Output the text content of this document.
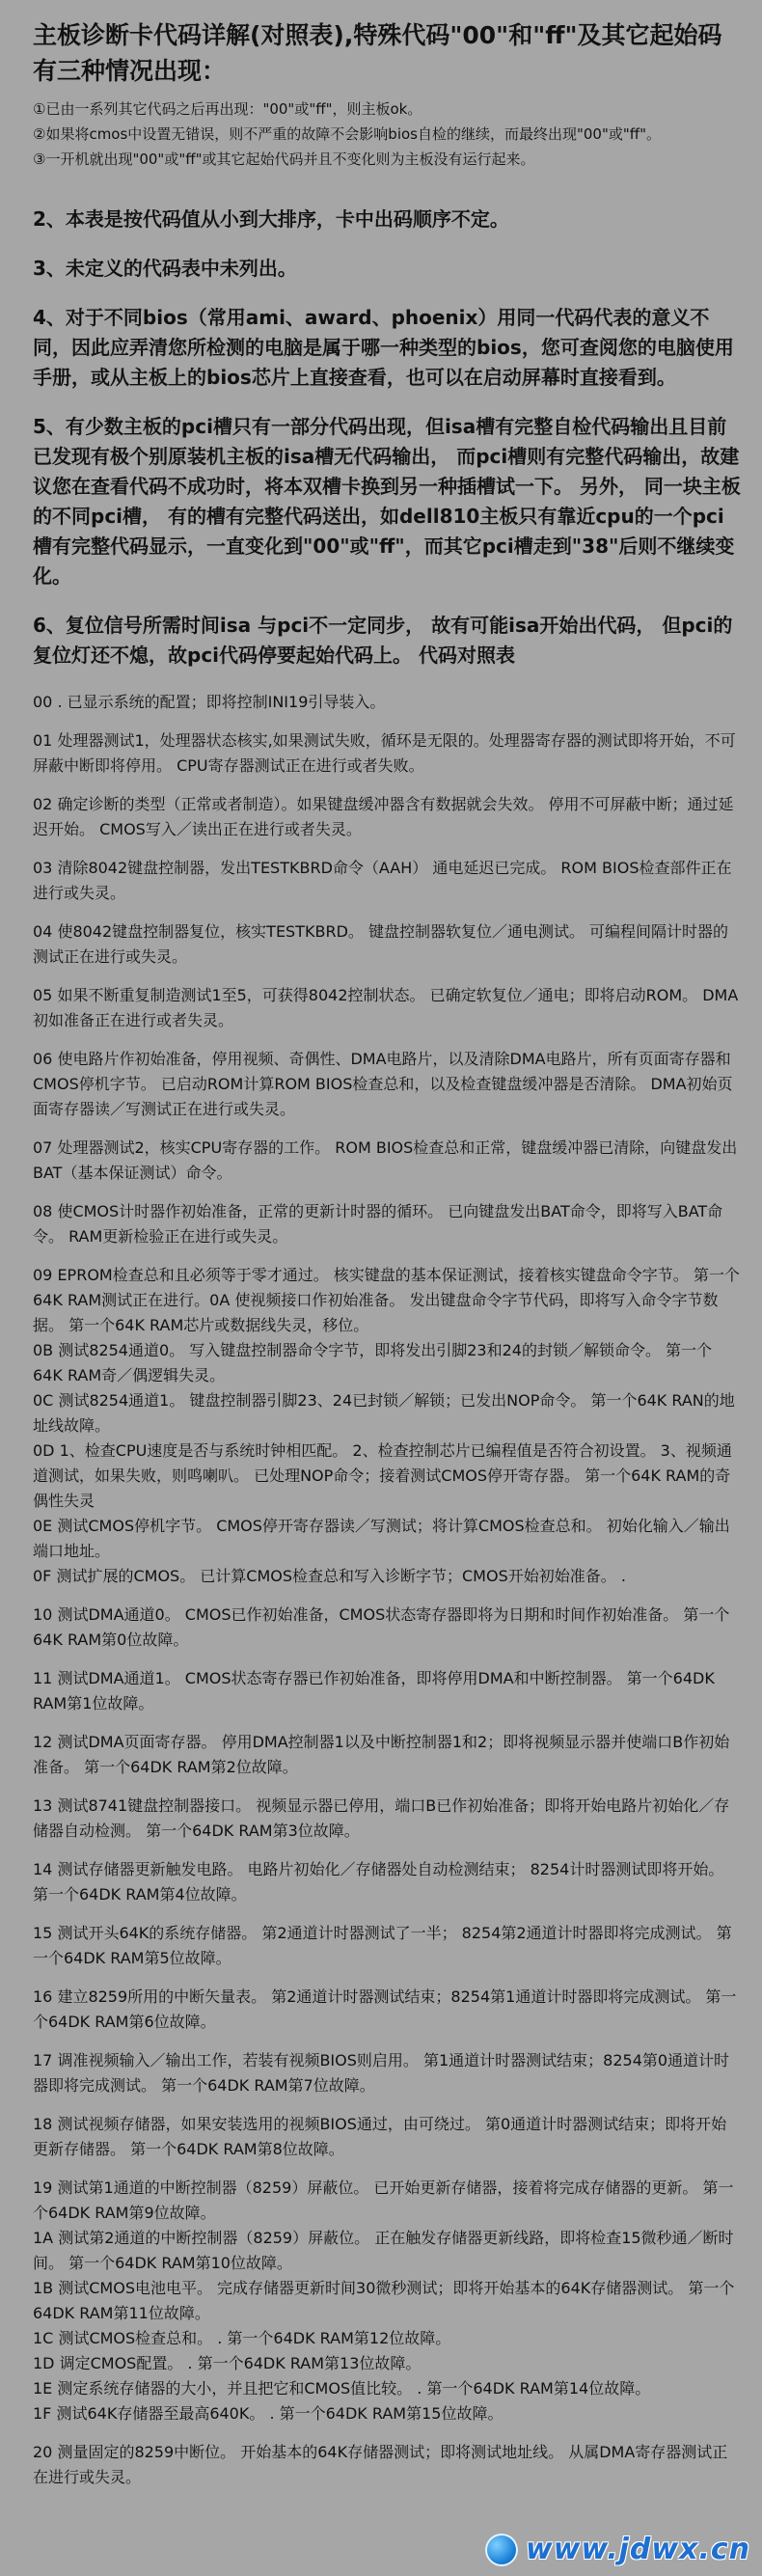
主板诊断卡代码详解(对照表),特殊代码"00"和"ff"及其它起始码有三种情况出现：

①已由一系列其它代码之后再出现："00"或"ff"，则主板ok。

②如果将cmos中设置无错误，则不严重的故障不会影响bios自检的继续，而最终出现"00"或"ff"。

③一开机就出现"00"或"ff"或其它起始代码并且不变化则为主板没有运行起来。

2、本表是按代码值从小到大排序，卡中出码顺序不定。

3、未定义的代码表中未列出。

4、对于不同bios（常用ami、award、phoenix）用同一代码代表的意义不同，因此应弄清您所检测的电脑是属于哪一种类型的bios，您可查阅您的电脑使用手册，或从主板上的bios芯片上直接查看，也可以在启动屏幕时直接看到。

5、有少数主板的pci槽只有一部分代码出现，但isa槽有完整自检代码输出且目前已发现有极个别原装机主板的isa槽无代码输出， 而pci槽则有完整代码输出，故建议您在查看代码不成功时，将本双槽卡换到另一种插槽试一下。 另外， 同一块主板的不同pci槽， 有的槽有完整代码送出，如dell810主板只有靠近cpu的一个pci槽有完整代码显示，一直变化到"00"或"ff"，而其它pci槽走到"38"后则不继续变化。

6、复位信号所需时间isa 与pci不一定同步， 故有可能isa开始出代码， 但pci的复位灯还不熄，故pci代码停要起始代码上。 代码对照表

00 . 已显示系统的配置；即将控制INI19引导装入。

01 处理器测试1，处理器状态核实,如果测试失败，循环是无限的。处理器寄存器的测试即将开始，不可屏蔽中断即将停用。 CPU寄存器测试正在进行或者失败。

02 确定诊断的类型（正常或者制造）。如果键盘缓冲器含有数据就会失效。 停用不可屏蔽中断；通过延迟开始。 CMOS写入／读出正在进行或者失灵。

03 清除8042键盘控制器，发出TESTKBRD命令（AAH） 通电延迟已完成。 ROM BIOS检查部件正在进行或失灵。

04 使8042键盘控制器复位，核实TESTKBRD。 键盘控制器软复位／通电测试。 可编程间隔计时器的测试正在进行或失灵。

05 如果不断重复制造测试1至5，可获得8042控制状态。 已确定软复位／通电；即将启动ROM。 DMA初如准备正在进行或者失灵。

06 使电路片作初始准备，停用视频、奇偶性、DMA电路片，以及清除DMA电路片，所有页面寄存器和CMOS停机字节。 已启动ROM计算ROM BIOS检查总和，以及检查键盘缓冲器是否清除。 DMA初始页面寄存器读／写测试正在进行或失灵。

07 处理器测试2，核实CPU寄存器的工作。 ROM BIOS检查总和正常，键盘缓冲器已清除，向键盘发出BAT（基本保证测试）命令。

08 使CMOS计时器作初始准备，正常的更新计时器的循环。 已向键盘发出BAT命令，即将写入BAT命令。 RAM更新检验正在进行或失灵。

09 EPROM检查总和且必须等于零才通过。 核实键盘的基本保证测试，接着核实键盘命令字节。 第一个64K RAM测试正在进行。0A 使视频接口作初始准备。 发出键盘命令字节代码，即将写入命令字节数据。 第一个64K RAM芯片或数据线失灵，移位。

0B 测试8254通道0。 写入键盘控制器命令字节，即将发出引脚23和24的封锁／解锁命令。 第一个64K RAM奇／偶逻辑失灵。

0C 测试8254通道1。 键盘控制器引脚23、24已封锁／解锁；已发出NOP命令。 第一个64K RAN的地址线故障。

0D 1、检查CPU速度是否与系统时钟相匹配。 2、检查控制芯片已编程值是否符合初设置。 3、视频通道测试，如果失败，则鸣喇叭。 已处理NOP命令；接着测试CMOS停开寄存器。 第一个64K RAM的奇偶性失灵

0E 测试CMOS停机字节。 CMOS停开寄存器读／写测试；将计算CMOS检查总和。 初始化输入／输出端口地址。

0F 测试扩展的CMOS。 已计算CMOS检查总和写入诊断字节；CMOS开始初始准备。 .

10 测试DMA通道0。 CMOS已作初始准备，CMOS状态寄存器即将为日期和时间作初始准备。 第一个64K RAM第0位故障。

11 测试DMA通道1。 CMOS状态寄存器已作初始准备，即将停用DMA和中断控制器。 第一个64DK RAM第1位故障。

12 测试DMA页面寄存器。 停用DMA控制器1以及中断控制器1和2；即将视频显示器并使端口B作初始准备。 第一个64DK RAM第2位故障。

13 测试8741键盘控制器接口。 视频显示器已停用，端口B已作初始准备；即将开始电路片初始化／存储器自动检测。 第一个64DK RAM第3位故障。

14 测试存储器更新触发电路。 电路片初始化／存储器处自动检测结束； 8254计时器测试即将开始。 第一个64DK RAM第4位故障。

15 测试开头64K的系统存储器。 第2通道计时器测试了一半； 8254第2通道计时器即将完成测试。 第一个64DK RAM第5位故障。

16 建立8259所用的中断矢量表。 第2通道计时器测试结束；8254第1通道计时器即将完成测试。 第一个64DK RAM第6位故障。

17 调准视频输入／输出工作，若装有视频BIOS则启用。 第1通道计时器测试结束；8254第0通道计时器即将完成测试。 第一个64DK RAM第7位故障。

18 测试视频存储器，如果安装选用的视频BIOS通过，由可绕过。 第0通道计时器测试结束；即将开始更新存储器。 第一个64DK RAM第8位故障。

19 测试第1通道的中断控制器（8259）屏蔽位。 已开始更新存储器，接着将完成存储器的更新。 第一个64DK RAM第9位故障。

1A 测试第2通道的中断控制器（8259）屏蔽位。 正在触发存储器更新线路，即将检查15微秒通／断时间。 第一个64DK RAM第10位故障。

1B 测试CMOS电池电平。 完成存储器更新时间30微秒测试；即将开始基本的64K存储器测试。 第一个64DK RAM第11位故障。

1C 测试CMOS检查总和。 . 第一个64DK RAM第12位故障。

1D 调定CMOS配置。 . 第一个64DK RAM第13位故障。

1E 测定系统存储器的大小，并且把它和CMOS值比较。 . 第一个64DK RAM第14位故障。

1F 测试64K存储器至最高640K。 . 第一个64DK RAM第15位故障。

20 测量固定的8259中断位。 开始基本的64K存储器测试；即将测试地址线。 从属DMA寄存器测试正在进行或失灵。

www.jdwx.cn
